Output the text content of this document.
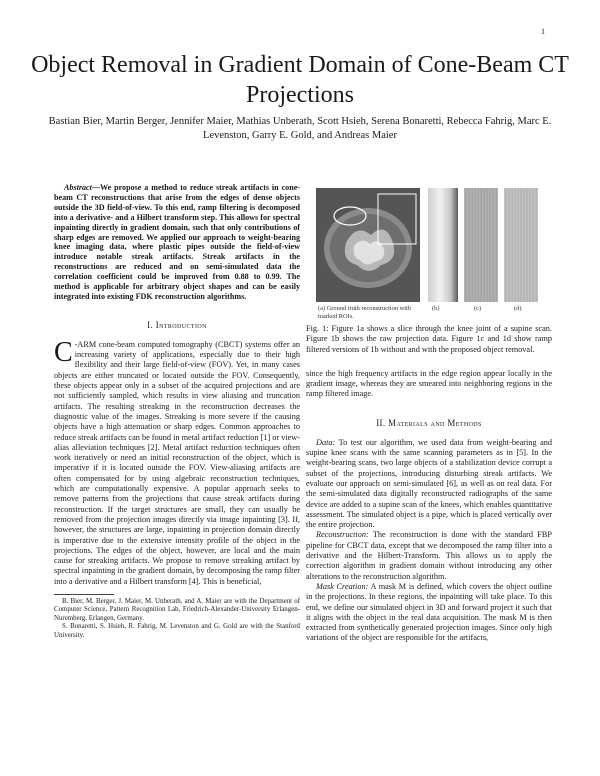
1
Object Removal in Gradient Domain of Cone-Beam CT Projections
Bastian Bier, Martin Berger, Jennifer Maier, Mathias Unberath, Scott Hsieh, Serena Bonaretti, Rebecca Fahrig, Marc E. Levenston, Garry E. Gold, and Andreas Maier

Abstract—We propose a method to reduce streak artifacts in cone-beam CT reconstructions that arise from the edges of dense objects outside the 3D field-of-view. To this end, ramp filtering is decomposed into a derivative- and a Hilbert transform step. This allows for spectral inpainting directly in gradient domain, such that only contributions of sharp edges are removed. We applied our approach to weight-bearing knee imaging data, where plastic pipes outside the field-of-view introduce notable streak artifacts. Streak artifacts in the reconstructions are reduced and on semi-simulated data the correlation coefficient could be improved from 0.88 to 0.99. The method is applicable for arbitrary object shapes and can be easily integrated into existing FDK reconstruction algorithms.

I. Introduction

C -ARM cone-beam computed tomography (CBCT) systems offer an increasing variety of applications, especially due to their high flexibility and their large field-of-view (FOV). Yet, in many cases objects are either truncated or located outside the FOV. Consequently, these objects appear only in a subset of the acquired projections and are not sufficiently sampled, which results in view aliasing and truncation artifacts. The resulting streaking in the reconstruction decreases the diagnostic value of the images. Streaking is more severe if the causing objects have a high attenuation or sharp edges. Common approaches to reduce streak artifacts can be found in metal artifact reduction [1] or view-alias alleviation techniques [2]. Metal artifact reduction techniques often work iteratively or need an initial reconstruction of the object, which is imperative if it is located outside the FOV. View-aliasing artifacts are often compensated for by using algebraic reconstruction techniques, which are computationally expensive. A popular approach seeks to remove patterns from the projections that cause streak artifacts during reconstruction. If the target structures are small, they can usually be removed from the projection images directly via image inpainting [3]. If, however, the structures are large, inpainting in projection domain directly is imperative due to the extensive intensity profile of the object in the projections. The edges of the object, however, are local and the main cause for streaking artifacts. We propose to remove streaking artifact by spectral inpainting in the gradient domain, by decomposing the ramp filter into a derivative and a Hilbert transform [4]. This is beneficial,

B. Bier, M. Berger, J. Maier, M. Unberath, and A. Maier are with the Department of Computer Science, Pattern Recognition Lab, Friedrich-Alexander-University Erlangen-Nuremberg, Erlangen, Germany.

S. Bonaretti, S. Hsieh, R. Fahrig, M. Levenston and G. Gold are with the Stanford University.

(a) Ground truth reconstruction with marked ROIs.
(b)	(c)	(d)

Fig. 1: Figure 1a shows a slice through the knee joint of a supine scan. Figure 1b shows the raw projection data. Figure 1c and 1d show ramp filtered versions of 1b without and with the proposed object removal.

since the high frequency artifacts in the edge region appear locally in the gradient image, whereas they are smeared into neighboring regions in the ramp filtered image.

II. Materials and Methods

Data: To test our algorithm, we used data from weight-bearing and supine knee scans with the same scanning parameters as in [5]. In the weight-bearing scans, two large objects of a stabilization device corrupt a subset of the projections, introducing disturbing streak artifacts. We evaluate our approach on semi-simulated [6], as well as on real data. For the semi-simulated data digitally reconstructed radiographs of the same device are added to a supine scan of the knees, which enables quantitative assessment. The simulated object is a pipe, which is placed vertically over the entire projection.

Reconstruction: The reconstruction is done with the standard FBP pipeline for CBCT data, except that we decomposed the ramp filter into a derivative and the Hilbert-Transform. This allows us to apply the correction algorithm in gradient domain without introducing any other alterations to the reconstruction algorithm.

Mask Creation: A mask M is defined, which covers the object outline in the projections. In these regions, the inpainting will take place. To this end, we define our simulated object in 3D and forward project it such that it aligns with the object in the real data acquisition. The mask M is then extracted from synthetically generated projection images. Since only high variations of the object are responsible for the artifacts,
